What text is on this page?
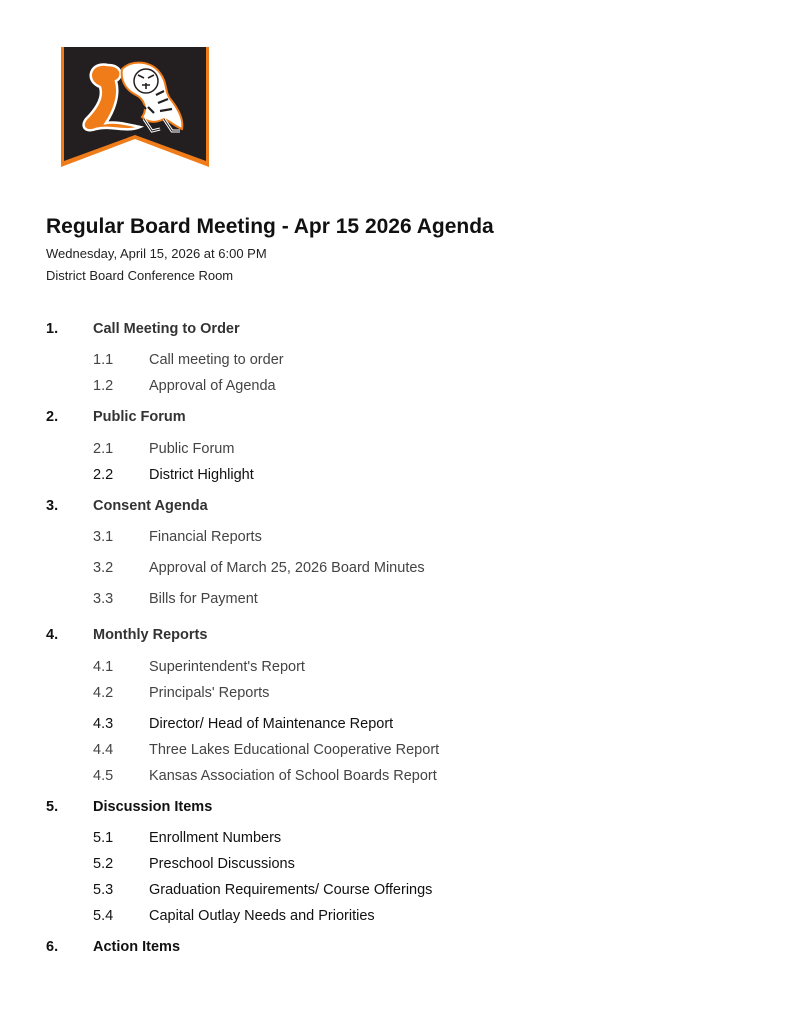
Regular Board Meeting - Apr 15 2026 Agenda
Wednesday, April 15, 2026 at 6:00 PM
District Board Conference Room
1. Call Meeting to Order
1.1 Call meeting to order
1.2 Approval of Agenda
2. Public Forum
2.1 Public Forum
2.2 District Highlight
3. Consent Agenda
3.1 Financial Reports
3.2 Approval of March 25, 2026 Board Minutes
3.3 Bills for Payment
4. Monthly Reports
4.1 Superintendent's Report
4.2 Principals' Reports
4.3 Director/ Head of Maintenance Report
4.4 Three Lakes Educational Cooperative Report
4.5 Kansas Association of School Boards Report
5. Discussion Items
5.1 Enrollment Numbers
5.2 Preschool Discussions
5.3 Graduation Requirements/ Course Offerings
5.4 Capital Outlay Needs and Priorities
6. Action Items
